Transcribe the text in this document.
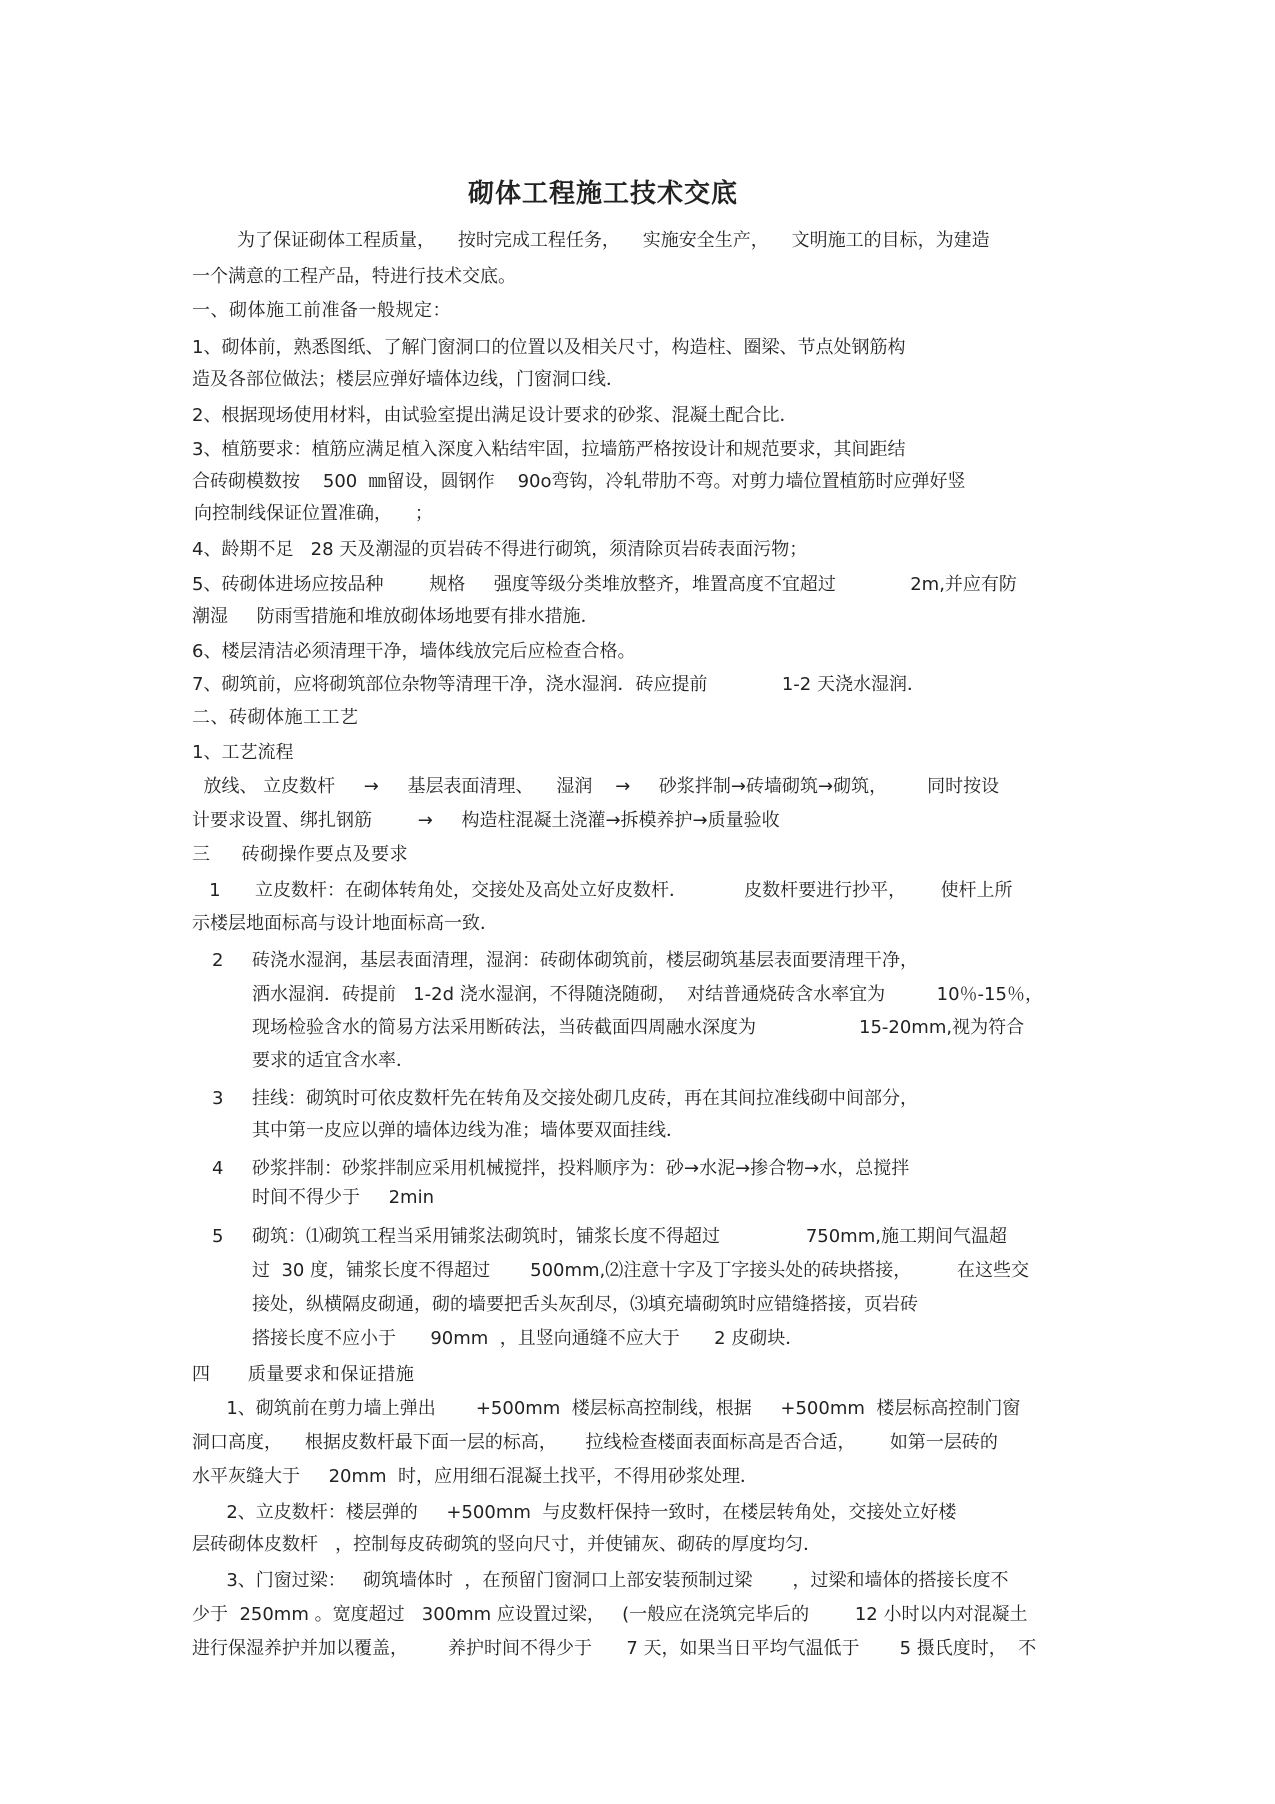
砌体工程施工技术交底

为了保证砌体工程质量，    按时完成工程任务，    实施安全生产，    文明施工的目标，为建造

一个满意的工程产品，特进行技术交底。

一、砌体施工前准备一般规定：

1、砌体前，熟悉图纸、了解门窗洞口的位置以及相关尺寸，构造柱、圈梁、节点处钢筋构

造及各部位做法；楼层应弹好墙体边线，门窗洞口线．

2、根据现场使用材料，由试验室提出满足设计要求的砂浆、混凝土配合比．

3、植筋要求：植筋应满足植入深度入粘结牢固，拉墙筋严格按设计和规范要求，其间距结

合砖砌模数按    500  ㎜留设，圆钢作    90o弯钩，冷轧带肋不弯。对剪力墙位置植筋时应弹好竖

向控制线保证位置准确，    ；

4、龄期不足   28 天及潮湿的页岩砖不得进行砌筑，须清除页岩砖表面污物；

5、砖砌体进场应按品种        规格     强度等级分类堆放整齐，堆置高度不宜超过             2m,并应有防

潮湿     防雨雪措施和堆放砌体场地要有排水措施．

6、楼层清洁必须清理干净，墙体线放完后应检查合格。

7、砌筑前，应将砌筑部位杂物等清理干净，浇水湿润．砖应提前             1-2 天浇水湿润．

二、砖砌体施工工艺

1、工艺流程

放线、 立皮数杆     →     基层表面清理、    湿润    →     砂浆拌制→砖墙砌筑→砌筑，       同时按设

计要求设置、绑扎钢筋        →     构造柱混凝土浇灌→拆模养护→质量验收

三     砖砌操作要点及要求

1      立皮数杆：在砌体转角处，交接处及高处立好皮数杆．          皮数杆要进行抄平，      使杆上所

示楼层地面标高与设计地面标高一致．

2 砖浇水湿润，基层表面清理，湿润：砖砌体砌筑前，楼层砌筑基层表面要清理干净，

洒水湿润．砖提前   1-2d 浇水湿润，不得随浇随砌，  对结普通烧砖含水率宜为         10％-15％，

现场检验含水的简易方法采用断砖法，当砖截面四周融水深度为                  15-20mm,视为符合

要求的适宜含水率．

3 挂线：砌筑时可依皮数杆先在转角及交接处砌几皮砖，再在其间拉准线砌中间部分，

其中第一皮应以弹的墙体边线为准；墙体要双面挂线．

4 砂浆拌制：砂浆拌制应采用机械搅拌，投料顺序为：砂→水泥→掺合物→水，总搅拌

时间不得少于     2min

5 砌筑：⑴砌筑工程当采用铺浆法砌筑时，铺浆长度不得超过               750mm,施工期间气温超

过  30 度，铺浆长度不得超过       500mm,⑵注意十字及丁字接头处的砖块搭接，        在这些交

接处，纵横隔皮砌通，砌的墙要把舌头灰刮尽，⑶填充墙砌筑时应错缝搭接，页岩砖

搭接长度不应小于      90mm  ，且竖向通缝不应大于      2 皮砌块．

四      质量要求和保证措施

1、砌筑前在剪力墙上弹出       +500mm  楼层标高控制线，根据     +500mm  楼层标高控制门窗

洞口高度，    根据皮数杆最下面一层的标高，     拉线检查楼面表面标高是否合适，      如第一层砖的

水平灰缝大于     20mm  时，应用细石混凝土找平，不得用砂浆处理．

2、立皮数杆：楼层弹的     +500mm  与皮数杆保持一致时，在楼层转角处，交接处立好楼

层砖砌体皮数杆   ，控制每皮砖砌筑的竖向尺寸，并使铺灰、砌砖的厚度均匀．

3、门窗过梁：   砌筑墙体时  ，在预留门窗洞口上部安装预制过梁       ，过梁和墙体的搭接长度不

少于  250mm 。宽度超过   300mm 应设置过梁，   (一般应在浇筑完毕后的        12 小时以内对混凝土

进行保湿养护并加以覆盖，       养护时间不得少于      7 天，如果当日平均气温低于       5 摄氏度时，  不
